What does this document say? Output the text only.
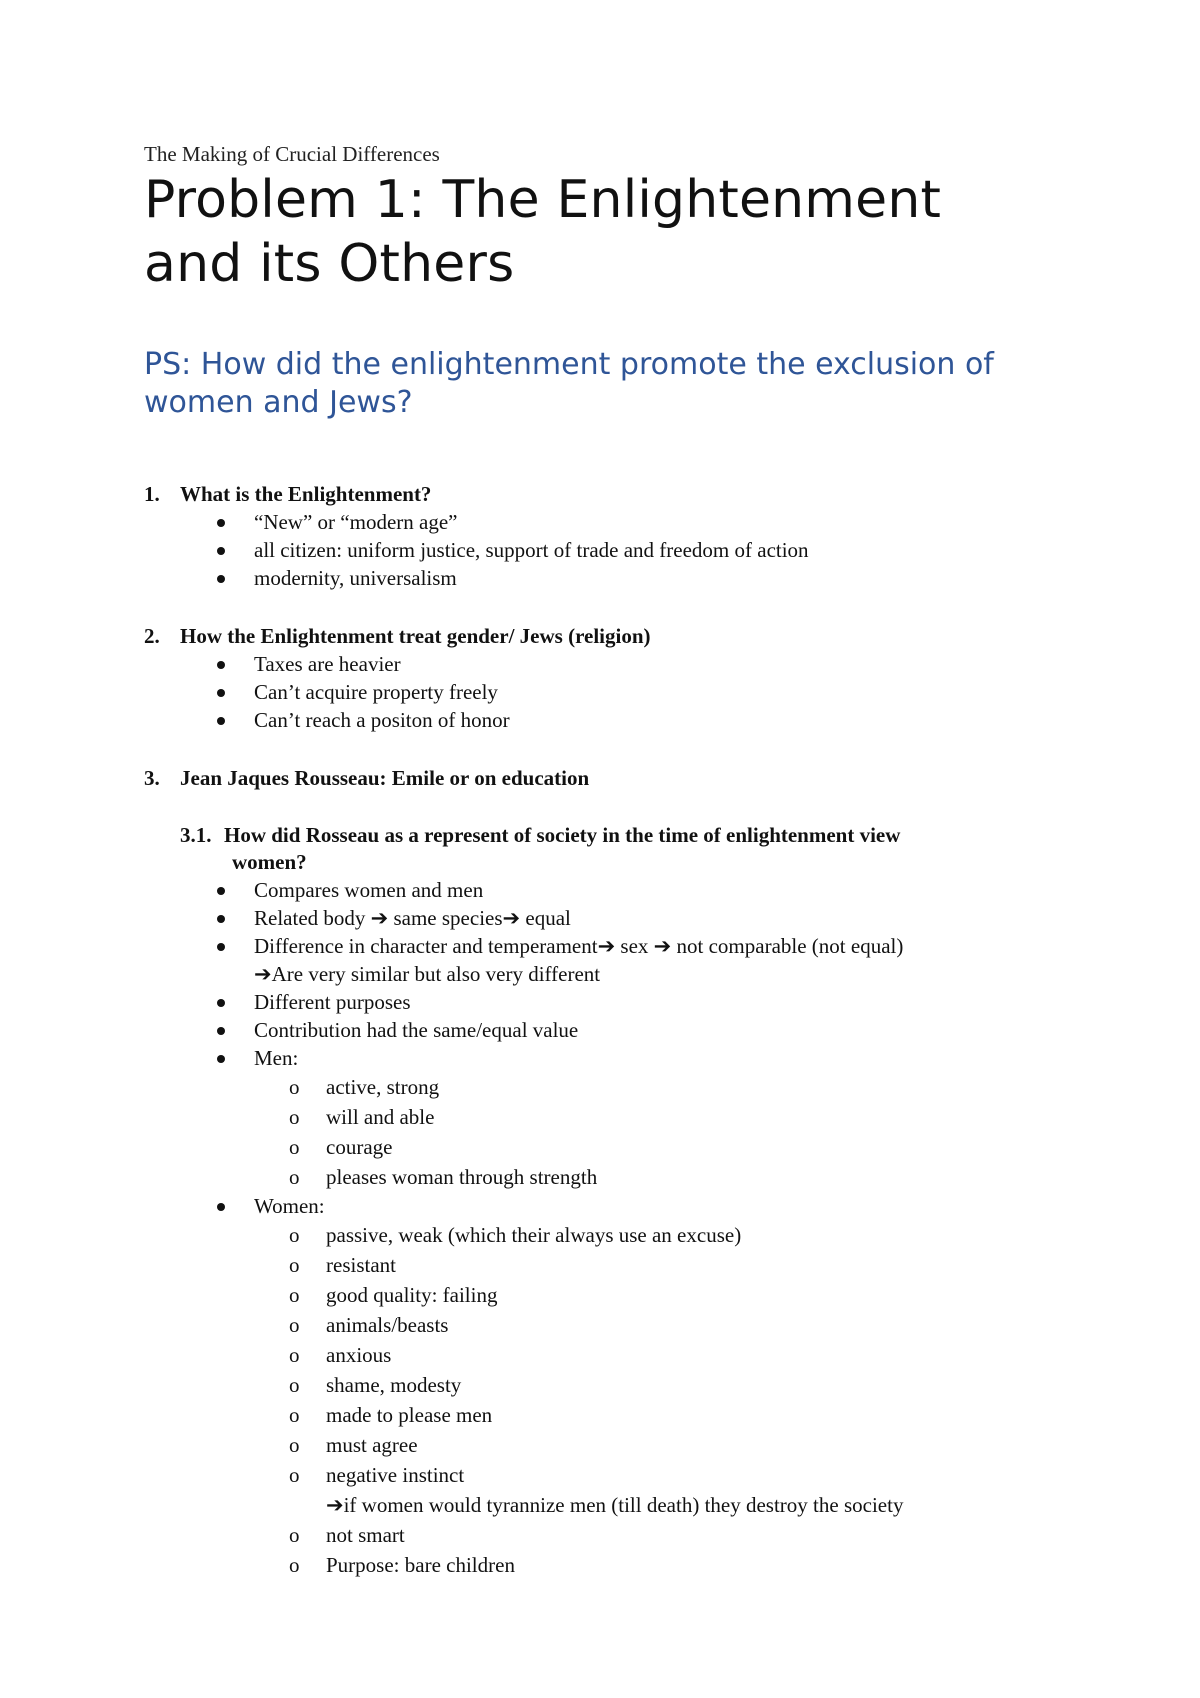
The Making of Crucial Differences

Problem 1: The Enlightenment
and its Others
PS: How did the enlightenment promote the exclusion of
women and Jews?

1. What is the Enlightenment?

“New” or “modern age”
all citizen: uniform justice, support of trade and freedom of action
modernity, universalism

2. How the Enlightenment treat gender/ Jews (religion)

Taxes are heavier
Can’t acquire property freely
Can’t reach a positon of honor

3. Jean Jaques Rousseau: Emile or on education

3.1. How did Rosseau as a represent of society in the time of enlightenment view
women?

Compares women and men
Related body ➔ same species➔ equal
Difference in character and temperament➔ sex ➔ not comparable (not equal)
➔Are very similar but also very different
Different purposes
Contribution had the same/equal value
Men:
o active, strong
o will and able
o courage
o pleases woman through strength
Women:
o passive, weak (which their always use an excuse)
o resistant
o good quality: failing
o animals/beasts
o anxious
o shame, modesty
o made to please men
o must agree
o negative instinct
➔if women would tyrannize men (till death) they destroy the society
o not smart
o Purpose: bare children
